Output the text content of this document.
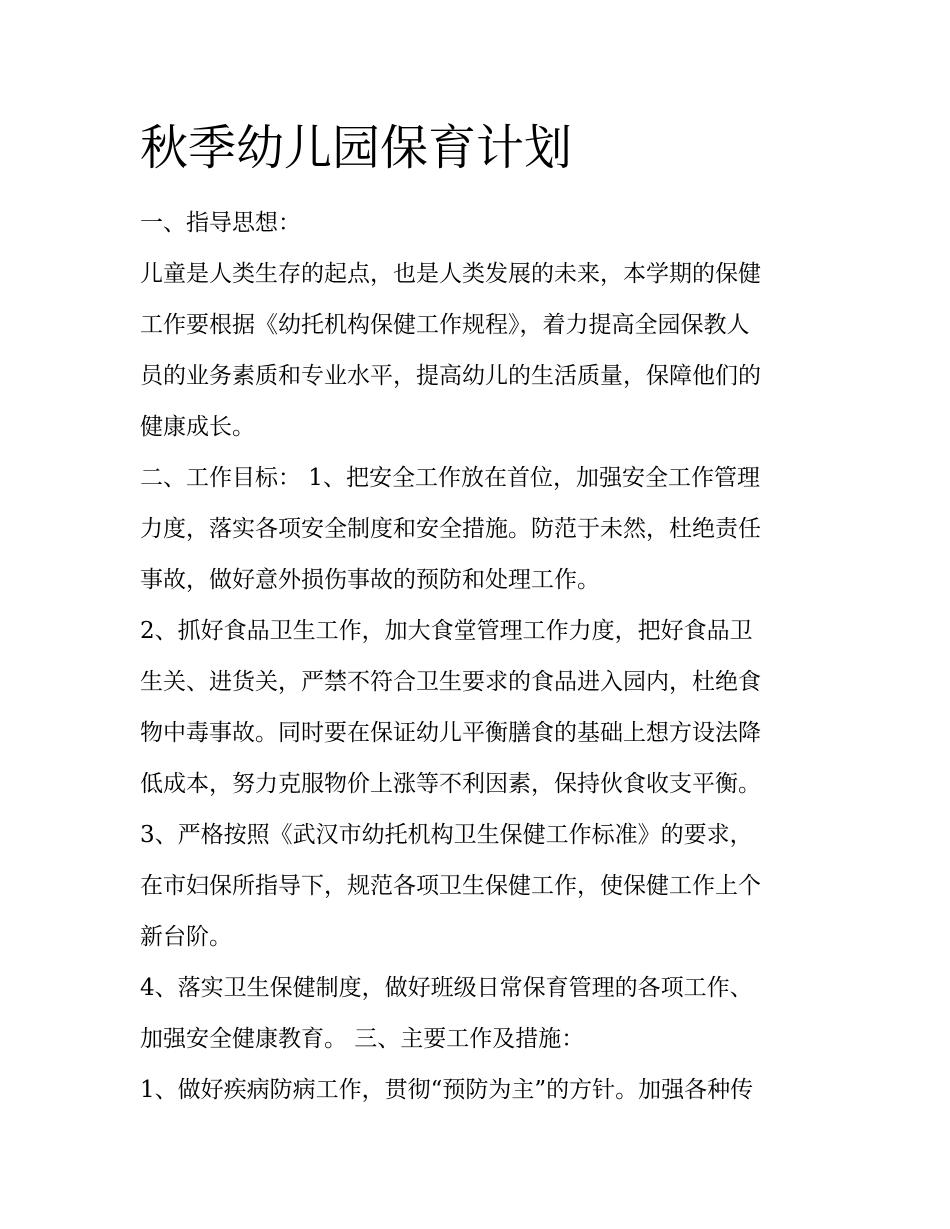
秋季幼儿园保育计划

一、指导思想：

儿童是人类生存的起点，也是人类发展的未来，本学期的保健
工作要根据《幼托机构保健工作规程》，着力提高全园保教人
员的业务素质和专业水平，提高幼儿的生活质量，保障他们的
健康成长。

二、工作目标： 1、把安全工作放在首位，加强安全工作管理
力度，落实各项安全制度和安全措施。防范于未然，杜绝责任
事故，做好意外损伤事故的预防和处理工作。

2、抓好食品卫生工作，加大食堂管理工作力度，把好食品卫
生关、进货关，严禁不符合卫生要求的食品进入园内，杜绝食
物中毒事故。同时要在保证幼儿平衡膳食的基础上想方设法降
低成本，努力克服物价上涨等不利因素，保持伙食收支平衡。

3、严格按照《武汉市幼托机构卫生保健工作标准》的要求，
在市妇保所指导下，规范各项卫生保健工作，使保健工作上个
新台阶。

4、落实卫生保健制度，做好班级日常保育管理的各项工作、
加强安全健康教育。 三、主要工作及措施：

1、做好疾病防病工作，贯彻“预防为主”的方针。加强各种传
